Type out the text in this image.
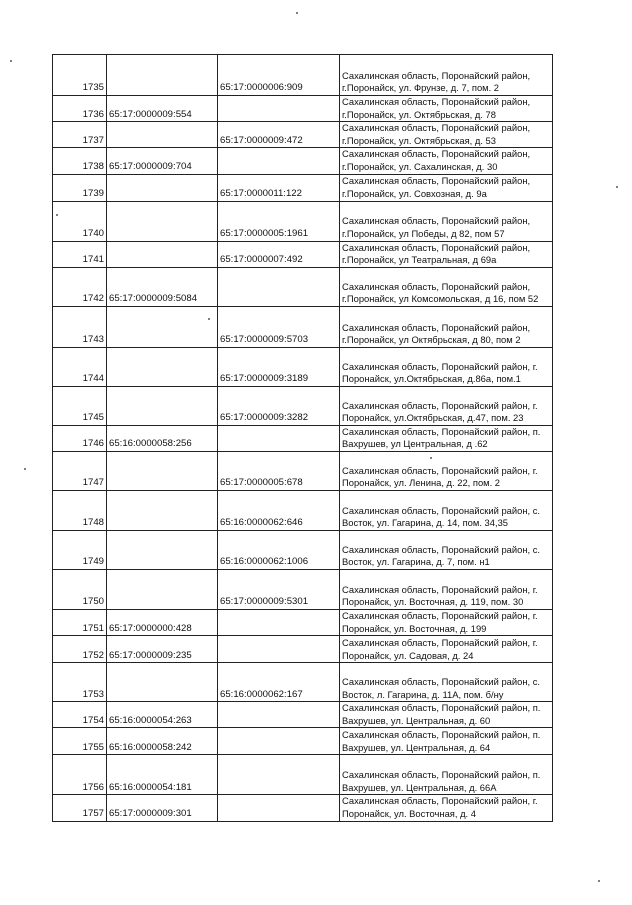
1735		65:17:0000006:909	Сахалинская область, Поронайский район,
г.Поронайск, ул. Фрунзе, д. 7, пом. 2

1736	65:17:0000009:554		Сахалинская область, Поронайский район,
г.Поронайск, ул. Октябрьская, д. 78

1737		65:17:0000009:472	Сахалинская область, Поронайский район,
г.Поронайск, ул. Октябрьская, д. 53

1738	65:17:0000009:704		Сахалинская область, Поронайский район,
г.Поронайск, ул. Сахалинская, д. 30

1739		65:17:0000011:122	Сахалинская область, Поронайский район,
г.Поронайск, ул. Совхозная, д. 9а

1740		65:17:0000005:1961	Сахалинская область, Поронайский район,
г.Поронайск, ул Победы, д 82, пом 57

1741		65:17:0000007:492	Сахалинская область, Поронайский район,
г.Поронайск, ул Театральная, д 69а

1742	65:17:0000009:5084		Сахалинская область, Поронайский район,
г.Поронайск, ул Комсомольская, д 16, пом 52

1743		65:17:0000009:5703	Сахалинская область, Поронайский район,
г.Поронайск, ул Октябрьская, д 80, пом 2

1744		65:17:0000009:3189	Сахалинская область, Поронайский район, г.
Поронайск, ул.Октябрьская, д.86а, пом.1

1745		65:17:0000009:3282	Сахалинская область, Поронайский район, г.
Поронайск, ул.Октябрьская, д.47, пом. 23

1746	65:16:0000058:256		Сахалинская область, Поронайский район, п.
Вахрушев, ул Центральная, д .62

1747		65:17:0000005:678	Сахалинская область, Поронайский район, г.
Поронайск, ул. Ленина, д. 22, пом. 2

1748		65:16:0000062:646	Сахалинская область, Поронайский район, с.
Восток, ул. Гагарина, д. 14, пом. 34,35

1749		65:16:0000062:1006	Сахалинская область, Поронайский район, с.
Восток, ул. Гагарина, д. 7, пом. н1

1750		65:17:0000009:5301	Сахалинская область, Поронайский район, г.
Поронайск, ул. Восточная, д. 119, пом. 30

1751	65:17:0000000:428		Сахалинская область, Поронайский район, г.
Поронайск, ул. Восточная, д. 199

1752	65:17:0000009:235		Сахалинская область, Поронайский район, г.
Поронайск, ул. Садовая, д. 24

1753		65:16:0000062:167	Сахалинская область, Поронайский район, с.
Восток, л. Гагарина, д. 11А, пом. б/ну

1754	65:16:0000054:263		Сахалинская область, Поронайский район, п.
Вахрушев, ул. Центральная, д. 60

1755	65:16:0000058:242		Сахалинская область, Поронайский район, п.
Вахрушев, ул. Центральная, д. 64

1756	65:16:0000054:181		Сахалинская область, Поронайский район, п.
Вахрушев, ул. Центральная, д. 66А

1757	65:17:0000009:301		Сахалинская область, Поронайский район, г.
Поронайск, ул. Восточная, д. 4
